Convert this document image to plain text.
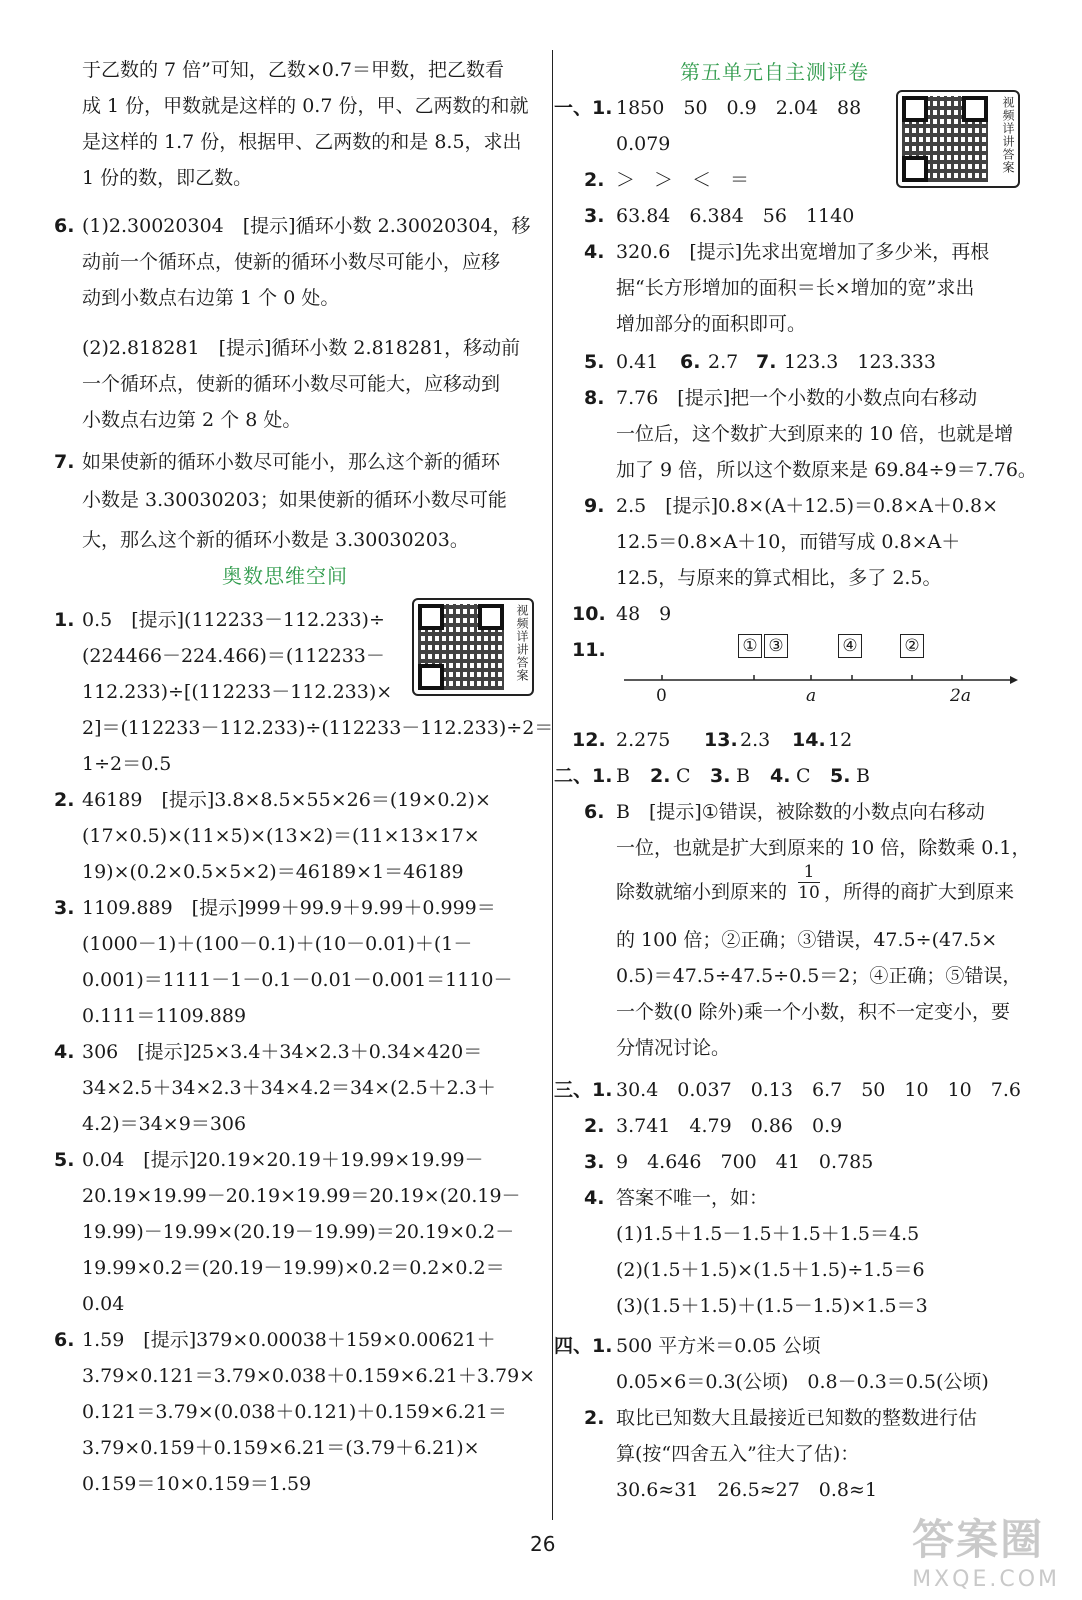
于乙数的 7 倍”可知，乙数×0.7＝甲数，把乙数看
成 1 份，甲数就是这样的 0.7 份，甲、乙两数的和就
是这样的 1.7 份，根据甲、乙两数的和是 8.5，求出
1 份的数，即乙数。
6. (1)2.30020304　[提示]循环小数 2.30020304，移
动前一个循环点，使新的循环小数尽可能小，应移
动到小数点右边第 1 个 0 处。
(2)2.818281　[提示]循环小数 2.818281，移动前
一个循环点，使新的循环小数尽可能大，应移动到
小数点右边第 2 个 8 处。
7. 如果使新的循环小数尽可能小，那么这个新的循环
小数是 3.30030203；如果使新的循环小数尽可能
大，那么这个新的循环小数是 3.30030203。
奥数思维空间
1. 0.5　[提示](112233－112.233)÷
(224466－224.466)＝(112233－
112.233)÷[(112233－112.233)×
2]＝(112233－112.233)÷(112233－112.233)÷2＝
1÷2＝0.5
2. 46189　[提示]3.8×8.5×55×26＝(19×0.2)×
(17×0.5)×(11×5)×(13×2)＝(11×13×17×
19)×(0.2×0.5×5×2)＝46189×1＝46189
3. 1109.889　[提示]999＋99.9＋9.99＋0.999＝
(1000－1)＋(100－0.1)＋(10－0.01)＋(1－
0.001)＝1111－1－0.1－0.01－0.001＝1110－
0.111＝1109.889
4. 306　[提示]25×3.4＋34×2.3＋0.34×420＝
34×2.5＋34×2.3＋34×4.2＝34×(2.5＋2.3＋
4.2)＝34×9＝306
5. 0.04　[提示]20.19×20.19＋19.99×19.99－
20.19×19.99－20.19×19.99＝20.19×(20.19－
19.99)－19.99×(20.19－19.99)＝20.19×0.2－
19.99×0.2＝(20.19－19.99)×0.2＝0.2×0.2＝
0.04
6. 1.59　[提示]379×0.00038＋159×0.00621＋
3.79×0.121＝3.79×0.038＋0.159×6.21＋3.79×
0.121＝3.79×(0.038＋0.121)＋0.159×6.21＝
3.79×0.159＋0.159×6.21＝(3.79＋6.21)×
0.159＝10×0.159＝1.59
视频详讲答案
第五单元自主测评卷
一、1. 1850　50　0.9　2.04　88
0.079
2. ＞　＞　＜　＝
3. 63.84　6.384　56　1140
4. 320.6　[提示]先求出宽增加了多少米，再根
据“长方形增加的面积＝长×增加的宽”求出
增加部分的面积即可。
5. 0.41 6. 2.7 7. 123.3　123.333
8. 7.76　[提示]把一个小数的小数点向右移动
一位后，这个数扩大到原来的 10 倍，也就是增
加了 9 倍，所以这个数原来是 69.84÷9＝7.76。
9. 2.5　[提示]0.8×(A＋12.5)＝0.8×A＋0.8×
12.5＝0.8×A＋10，而错写成 0.8×A＋
12.5，与原来的算式相比，多了 2.5。
10. 48　9
11.	① ③	④	②
0	a	2a
12. 2.275 13. 2.3 14. 12
二、1. B 2. C 3. B 4. C 5. B
6. B　[提示]①错误，被除数的小数点向右移动
一位，也就是扩大到原来的 10 倍，除数乘 0.1，
除数就缩小到原来的 $\frac{1}{10}$ ，所得的商扩大到原来
的 100 倍；②正确；③错误，47.5÷(47.5×
0.5)＝47.5÷47.5÷0.5＝2；④正确；⑤错误，
一个数(0 除外)乘一个小数，积不一定变小，要
分情况讨论。
三、1. 30.4　0.037　0.13　6.7　50　10　10　7.6
2. 3.741　4.79　0.86　0.9
3. 9　4.646　700　41　0.785
4. 答案不唯一，如：
(1)1.5＋1.5－1.5＋1.5＋1.5＝4.5
(2)(1.5＋1.5)×(1.5＋1.5)÷1.5＝6
(3)(1.5＋1.5)＋(1.5－1.5)×1.5＝3
四、1. 500 平方米＝0.05 公顷
0.05×6＝0.3(公顷)　0.8－0.3＝0.5(公顷)
2. 取比已知数大且最接近已知数的整数进行估
算(按“四舍五入”往大了估)：
30.6≈31　26.5≈27　0.8≈1
视频详讲答案
26	答案圈
MXQE.COM
